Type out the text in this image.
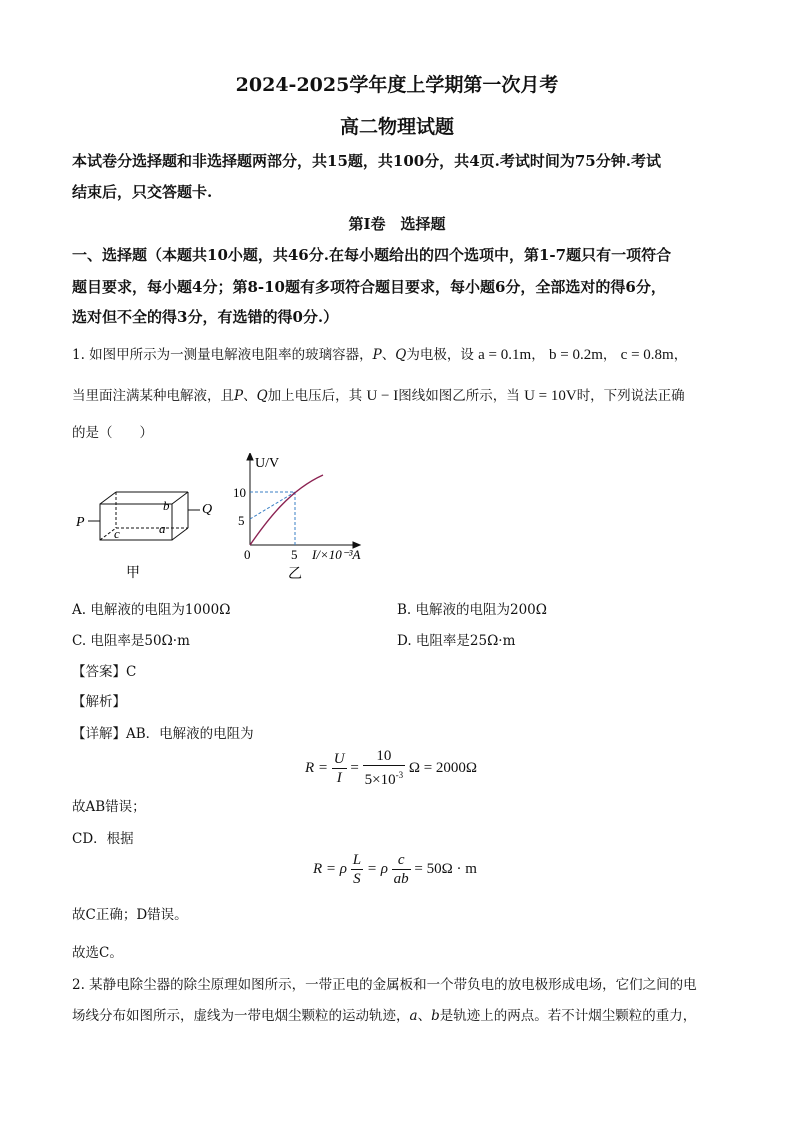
2024-2025学年度上学期第一次月考

高二物理试题

本试卷分选择题和非选择题两部分，共15题，共100分，共4页.考试时间为75分钟.考试

结束后，只交答题卡.

第Ⅰ卷　选择题

一、选择题（本题共10小题，共46分.在每小题给出的四个选项中，第1-7题只有一项符合

题目要求，每小题4分；第8-10题有多项符合题目要求，每小题6分，全部选对的得6分，

选对但不全的得3分，有选错的得0分.）

1. 如图甲所示为一测量电解液电阻率的玻璃容器，P、Q为电极，设 a = 0.1m， b = 0.2m， c = 0.8m，

当里面注满某种电解液，且P、Q加上电压后，其 U − I图线如图乙所示，当 U = 10V时，下列说法正确

的是（　　）

P
Q
b
a
c
甲
U/V
10
5
0	5 I/×10⁻³A
乙

A. 电解液的电阻为1000Ω	B. 电解液的电阻为200Ω

C. 电阻率是50Ω·m	D. 电阻率是25Ω·m

【答案】C

【解析】

【详解】AB．电解液的电阻为

$R = \frac{U}{I} = \frac{10}{5\times 10^{-3}}$ Ω = 2000Ω

故AB错误；

CD．根据

R = ρ $\frac{L}{S} = \rho \frac{c}{ab} = 50\Omega \cdot m$

故C正确；D错误。

故选C。

2. 某静电除尘器的除尘原理如图所示，一带正电的金属板和一个带负电的放电极形成电场，它们之间的电

场线分布如图所示，虚线为一带电烟尘颗粒的运动轨迹，a、b是轨迹上的两点。若不计烟尘颗粒的重力，
